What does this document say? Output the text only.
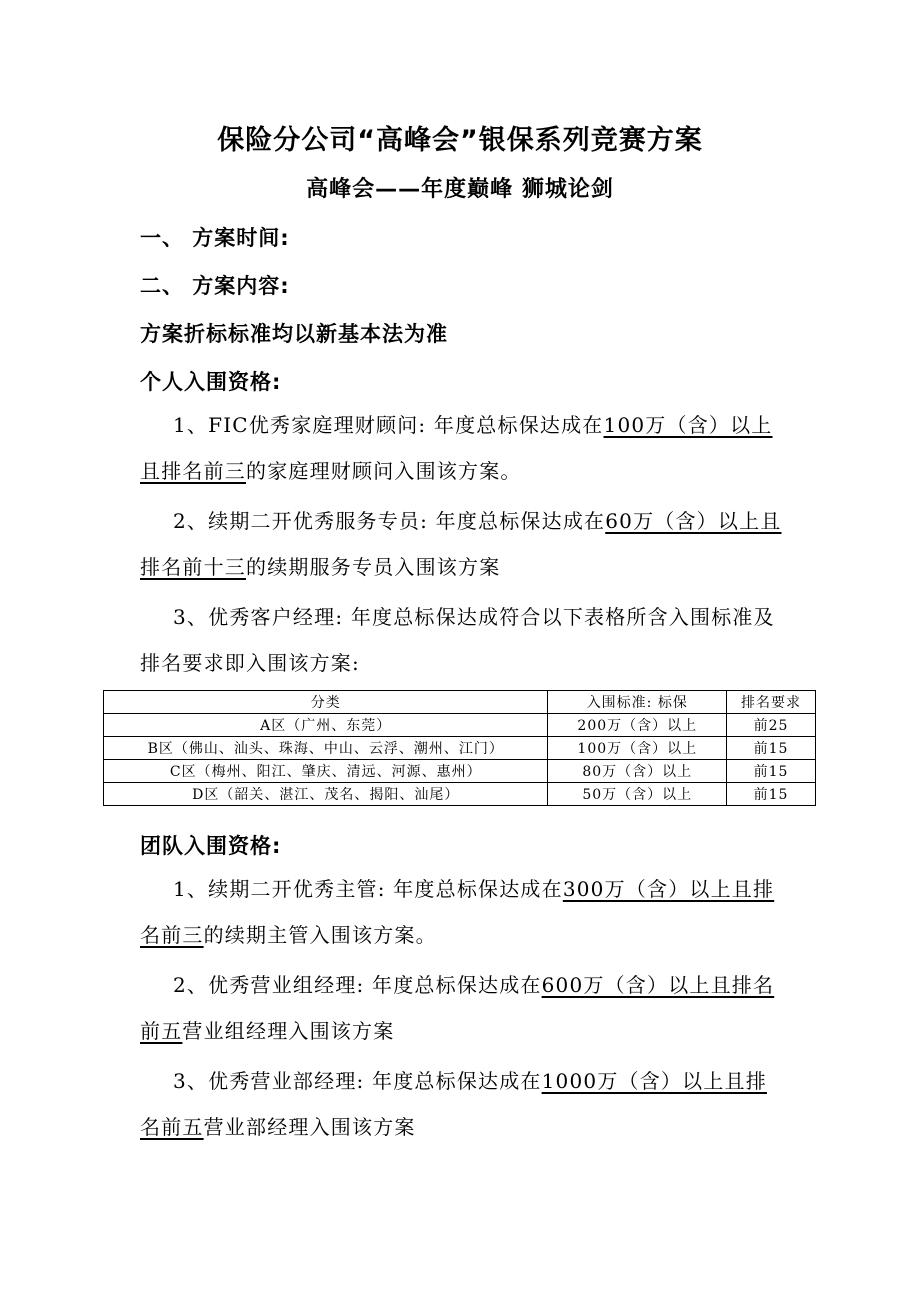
保险分公司“高峰会”银保系列竞赛方案
高峰会——年度巅峰 狮城论剑
一、 方案时间:
二、 方案内容:
方案折标标准均以新基本法为准
个人入围资格:
1、FIC优秀家庭理财顾问: 年度总标保达成在100万（含）以上且排名前三的家庭理财顾问入围该方案。
2、续期二开优秀服务专员: 年度总标保达成在60万（含）以上且排名前十三的续期服务专员入围该方案
3、优秀客户经理: 年度总标保达成符合以下表格所含入围标准及排名要求即入围该方案:
分类	入围标准: 标保	排名要求
A区（广州、东莞）	200万（含）以上	前25
B区（佛山、汕头、珠海、中山、云浮、潮州、江门）	100万（含）以上	前15
C区（梅州、阳江、肇庆、清远、河源、惠州）	80万（含）以上	前15
D区（韶关、湛江、茂名、揭阳、汕尾）	50万（含）以上	前15
团队入围资格:
1、续期二开优秀主管: 年度总标保达成在300万（含）以上且排名前三的续期主管入围该方案。
2、优秀营业组经理: 年度总标保达成在600万（含）以上且排名前五营业组经理入围该方案
3、优秀营业部经理: 年度总标保达成在1000万（含）以上且排名前五营业部经理入围该方案
